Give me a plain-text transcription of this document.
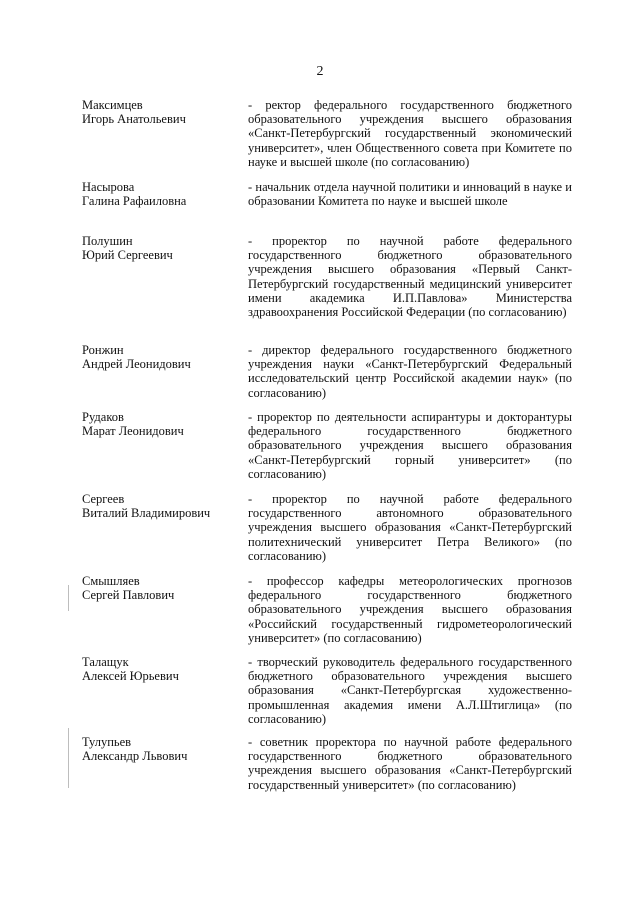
2
Максимцев
Игорь Анатольевич
- ректор федерального государственного бюджетного образовательного учреждения высшего образования «Санкт-Петербургский государственный экономический университет», член Общественного совета при Комитете по науке и высшей школе (по согласованию)
Насырова
Галина Рафаиловна
- начальник отдела научной политики и инноваций в науке и образовании Комитета по науке и высшей школе
Полушин
Юрий Сергеевич
- проректор по научной работе федерального государственного бюджетного образовательного учреждения высшего образования «Первый Санкт-Петербургский государственный медицинский университет имени академика И.П.Павлова» Министерства здравоохранения Российской Федерации (по согласованию)
Ронжин
Андрей Леонидович
- директор федерального государственного бюджетного учреждения науки «Санкт-Петербургский Федеральный исследовательский центр Российской академии наук» (по согласованию)
Рудаков
Марат Леонидович
- проректор по деятельности аспирантуры и докторантуры федерального государственного бюджетного образовательного учреждения высшего образования «Санкт-Петербургский горный университет» (по согласованию)
Сергеев
Виталий Владимирович
- проректор по научной работе федерального государственного автономного образовательного учреждения высшего образования «Санкт-Петербургский политехнический университет Петра Великого» (по согласованию)
Смышляев
Сергей Павлович
- профессор кафедры метеорологических прогнозов федерального государственного бюджетного образовательного учреждения высшего образования «Российский государственный гидрометеорологический университет» (по согласованию)
Талащук
Алексей Юрьевич
- творческий руководитель федерального государственного бюджетного образовательного учреждения высшего образования «Санкт-Петербургская художественно-промышленная академия имени А.Л.Штиглица» (по согласованию)
Тулупьев
Александр Львович
- советник проректора по научной работе федерального государственного бюджетного образовательного учреждения высшего образования «Санкт-Петербургский государственный университет» (по согласованию)
